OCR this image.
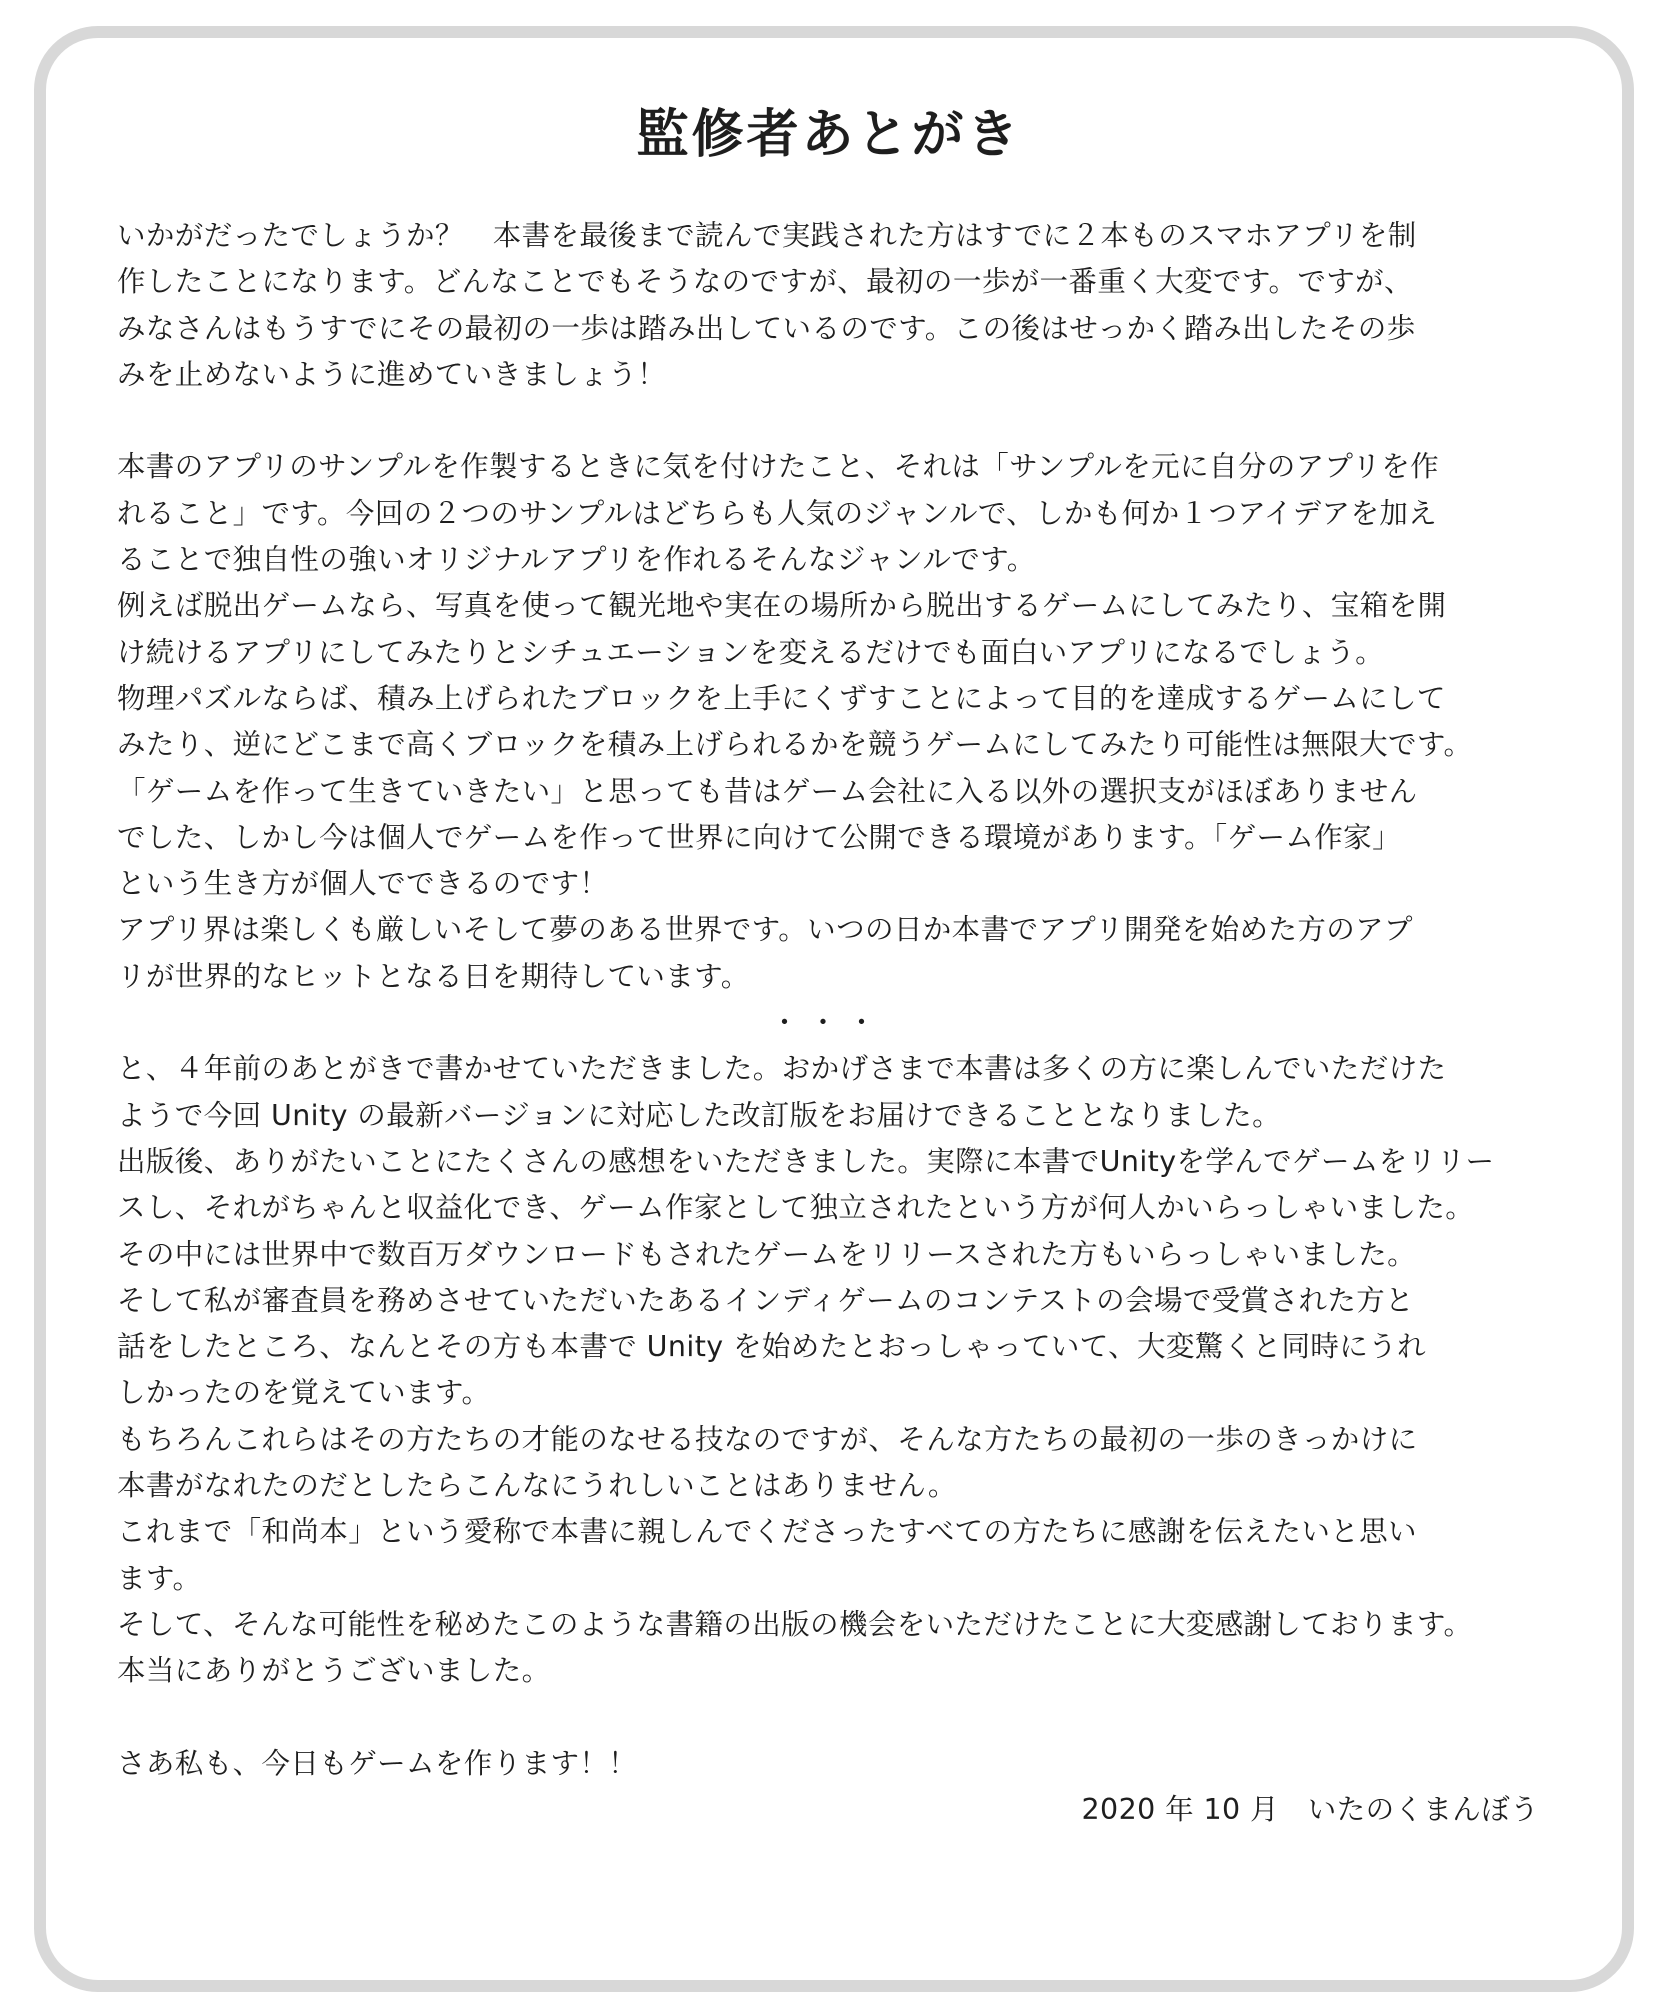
監修者あとがき
いかがだったでしょうか？　本書を最後まで読んで実践された方はすでに２本ものスマホアプリを制
作したことになります。どんなことでもそうなのですが、最初の一歩が一番重く大変です。ですが、
みなさんはもうすでにその最初の一歩は踏み出しているのです。この後はせっかく踏み出したその歩
みを止めないように進めていきましょう！
本書のアプリのサンプルを作製するときに気を付けたこと、それは「サンプルを元に自分のアプリを作
れること」です。今回の２つのサンプルはどちらも人気のジャンルで、しかも何か１つアイデアを加え
ることで独自性の強いオリジナルアプリを作れるそんなジャンルです。
例えば脱出ゲームなら、写真を使って観光地や実在の場所から脱出するゲームにしてみたり、宝箱を開
け続けるアプリにしてみたりとシチュエーションを変えるだけでも面白いアプリになるでしょう。
物理パズルならば、積み上げられたブロックを上手にくずすことによって目的を達成するゲームにして
みたり、逆にどこまで高くブロックを積み上げられるかを競うゲームにしてみたり可能性は無限大です。
「ゲームを作って生きていきたい」と思っても昔はゲーム会社に入る以外の選択支がほぼありません
でした、しかし今は個人でゲームを作って世界に向けて公開できる環境があります。「ゲーム作家」
という生き方が個人でできるのです！
アプリ界は楽しくも厳しいそして夢のある世界です。いつの日か本書でアプリ開発を始めた方のアプ
リが世界的なヒットとなる日を期待しています。
・・・
と、４年前のあとがきで書かせていただきました。おかげさまで本書は多くの方に楽しんでいただけた
ようで今回 Unity の最新バージョンに対応した改訂版をお届けできることとなりました。
出版後、ありがたいことにたくさんの感想をいただきました。実際に本書でUnityを学んでゲームをリリー
スし、それがちゃんと収益化でき、ゲーム作家として独立されたという方が何人かいらっしゃいました。
その中には世界中で数百万ダウンロードもされたゲームをリリースされた方もいらっしゃいました。
そして私が審査員を務めさせていただいたあるインディゲームのコンテストの会場で受賞された方と
話をしたところ、なんとその方も本書で Unity を始めたとおっしゃっていて、大変驚くと同時にうれ
しかったのを覚えています。
もちろんこれらはその方たちの才能のなせる技なのですが、そんな方たちの最初の一歩のきっかけに
本書がなれたのだとしたらこんなにうれしいことはありません。
これまで「和尚本」という愛称で本書に親しんでくださったすべての方たちに感謝を伝えたいと思い
ます。
そして、そんな可能性を秘めたこのような書籍の出版の機会をいただけたことに大変感謝しております。
本当にありがとうございました。
さあ私も、今日もゲームを作ります！！
2020 年 10 月　いたのくまんぼう
